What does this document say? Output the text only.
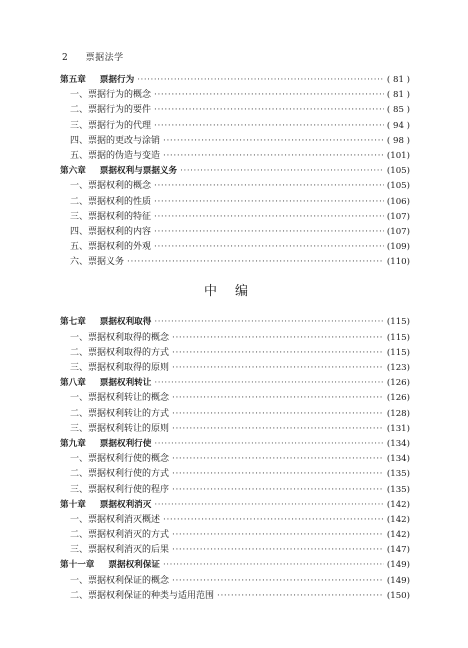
2 票据法学
第五章 票据行为 ·····	( 81 )
一、票据行为的概念 ·····	( 81 )
二、票据行为的要件 ·····	( 85 )
三、票据行为的代理 ·····	( 94 )
四、票据的更改与涂销 ·····	( 98 )
五、票据的伪造与变造 ·····	(101)
第六章 票据权利与票据义务 ·····	(105)
一、票据权利的概念 ·····	(105)
二、票据权利的性质 ·····	(106)
三、票据权利的特征 ·····	(107)
四、票据权利的内容 ·····	(107)
五、票据权利的外观 ·····	(109)
六、票据义务 ·····	(110)
中编
第七章 票据权利取得 ·····	(115)
一、票据权利取得的概念 ·····	(115)
二、票据权利取得的方式 ·····	(115)
三、票据权利取得的原则 ·····	(123)
第八章 票据权利转让 ·····	(126)
一、票据权利转让的概念 ·····	(126)
二、票据权利转让的方式 ·····	(128)
三、票据权利转让的原则 ·····	(131)
第九章 票据权利行使 ·····	(134)
一、票据权利行使的概念 ·····	(134)
二、票据权利行使的方式 ·····	(135)
三、票据权利行使的程序 ·····	(135)
第十章 票据权利消灭 ·····	(142)
一、票据权利消灭概述 ·····	(142)
二、票据权利消灭的方式 ·····	(142)
三、票据权利消灭的后果 ·····	(147)
第十一章 票据权利保证 ·····	(149)
一、票据权利保证的概念 ·····	(149)
二、票据权利保证的种类与适用范围 ·····	(150)
